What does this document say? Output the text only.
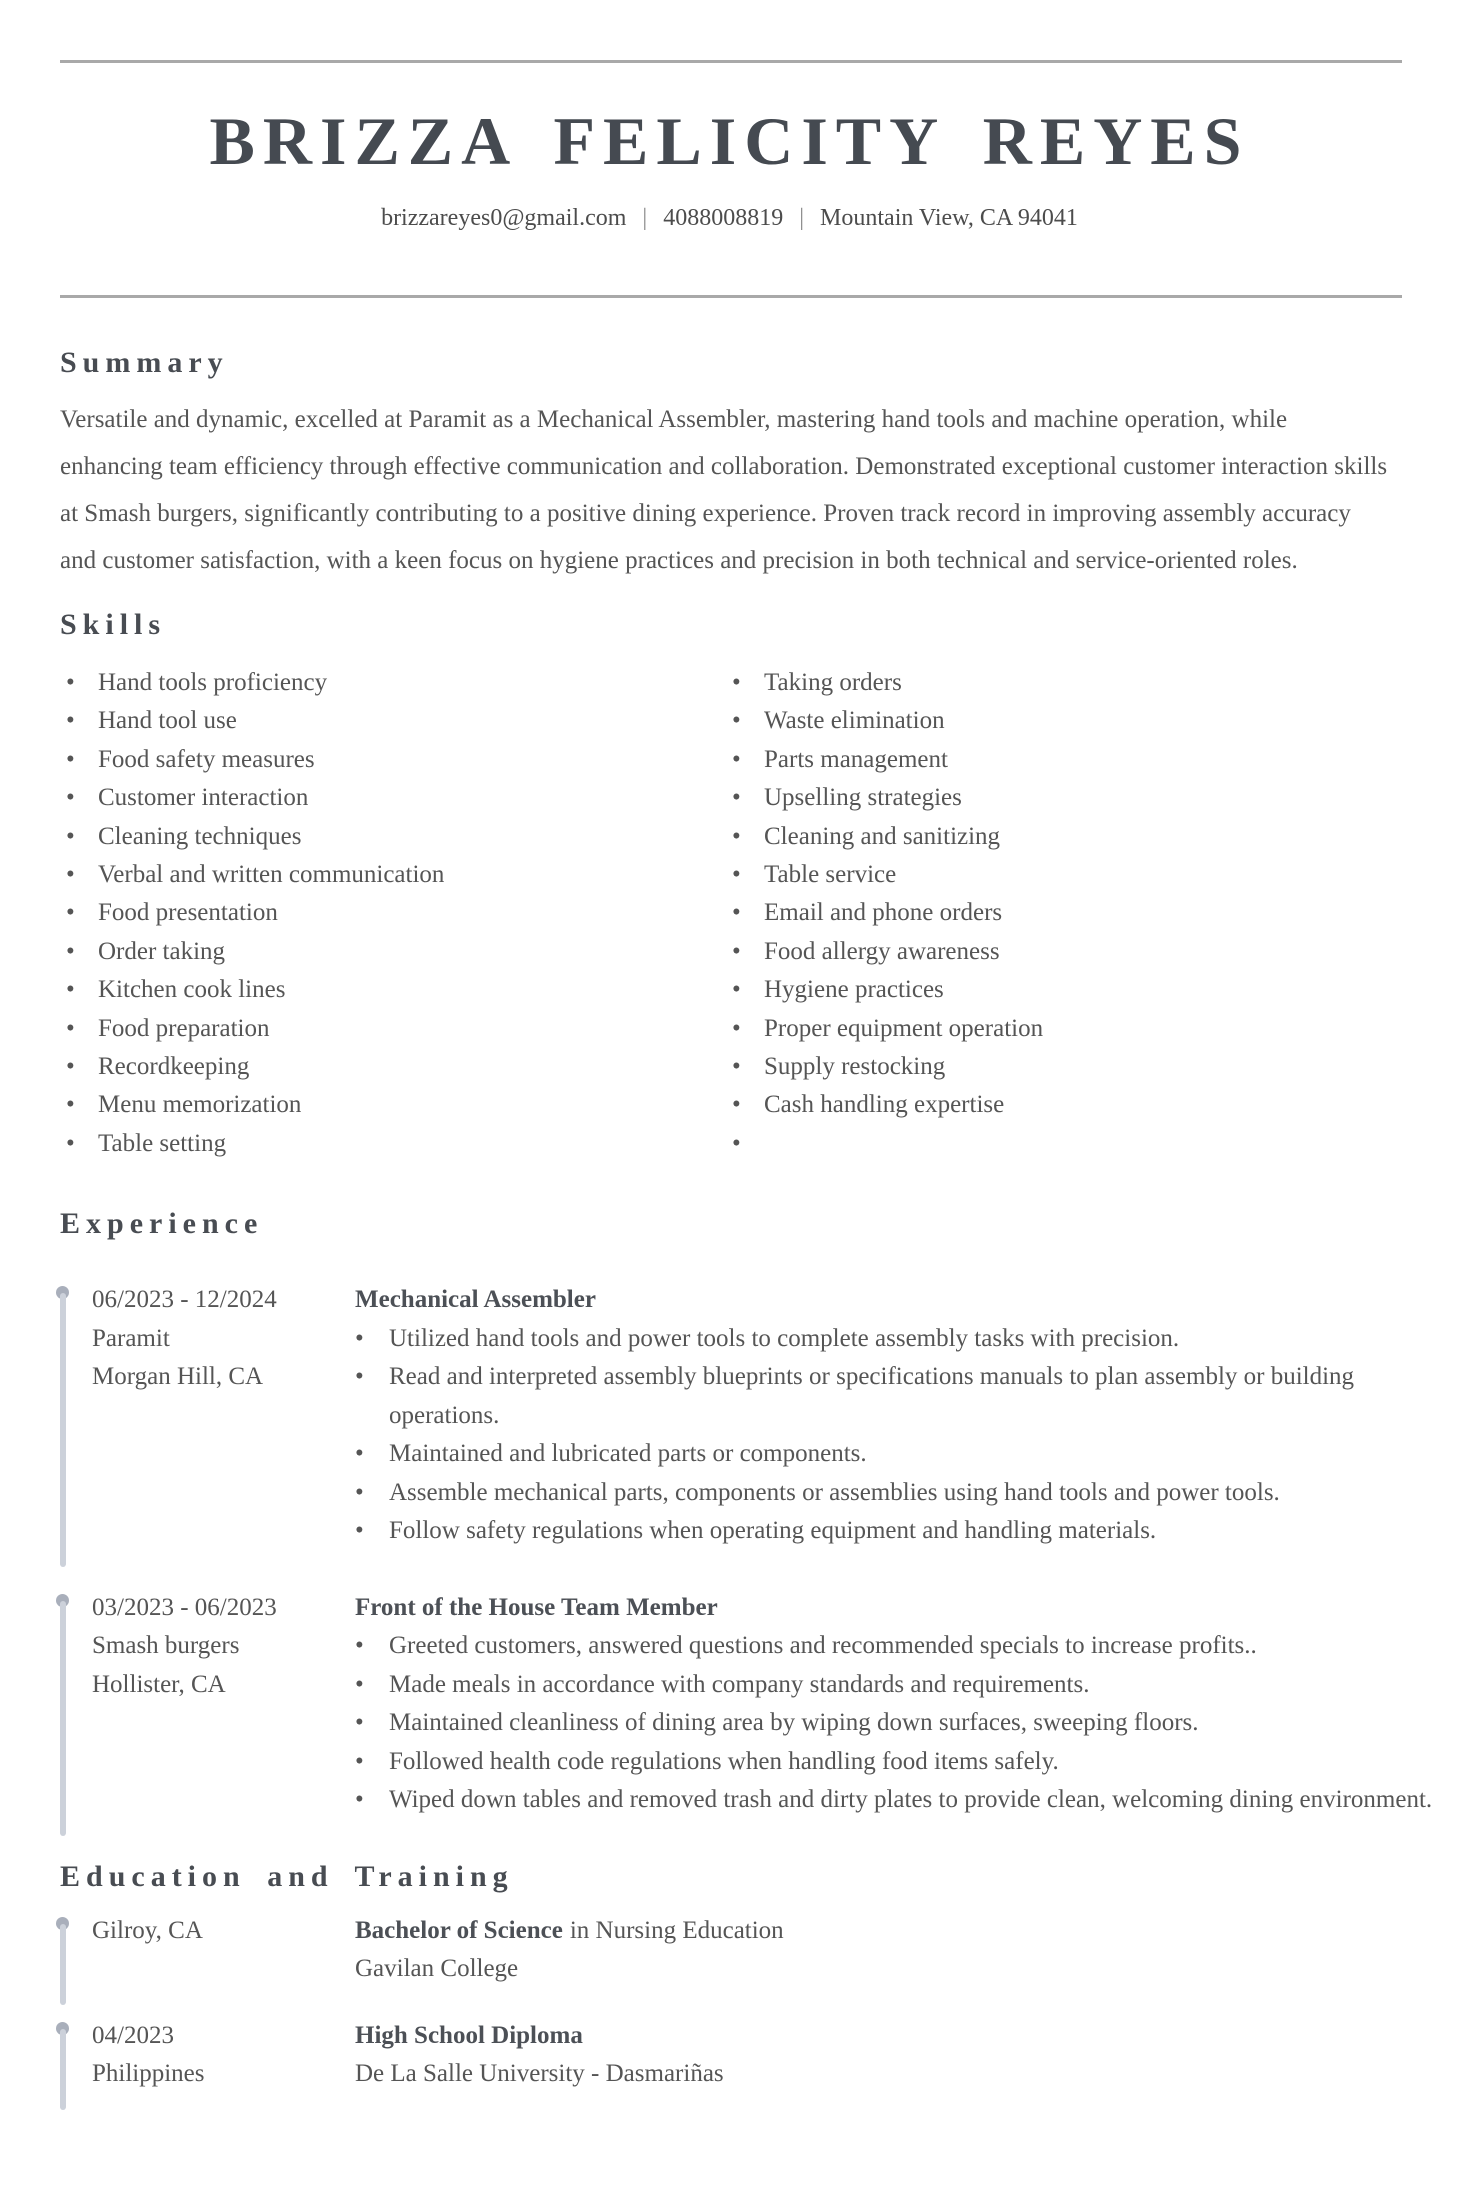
BRIZZA FELICITY REYES
brizzareyes0@gmail.com | 4088008819 | Mountain View, CA 94041
Summary

Versatile and dynamic, excelled at Paramit as a Mechanical Assembler, mastering hand tools and machine operation, while enhancing team efficiency through effective communication and collaboration. Demonstrated exceptional customer interaction skills at Smash burgers, significantly contributing to a positive dining experience. Proven track record in improving assembly accuracy and customer satisfaction, with a keen focus on hygiene practices and precision in both technical and service-oriented roles.

Skills
• Hand tools proficiency
• Hand tool use
• Food safety measures
• Customer interaction
• Cleaning techniques
• Verbal and written communication
• Food presentation
• Order taking
• Kitchen cook lines
• Food preparation
• Recordkeeping
• Menu memorization
• Table setting
• Taking orders
• Waste elimination
• Parts management
• Upselling strategies
• Cleaning and sanitizing
• Table service
• Email and phone orders
• Food allergy awareness
• Hygiene practices
• Proper equipment operation
• Supply restocking
• Cash handling expertise
Experience
06/2023 - 12/2024
Paramit
Morgan Hill, CA
Mechanical Assembler
• Utilized hand tools and power tools to complete assembly tasks with precision.
• Read and interpreted assembly blueprints or specifications manuals to plan assembly or building operations.
• Maintained and lubricated parts or components.
• Assemble mechanical parts, components or assemblies using hand tools and power tools.
• Follow safety regulations when operating equipment and handling materials.
03/2023 - 06/2023
Smash burgers
Hollister, CA
Front of the House Team Member
• Greeted customers, answered questions and recommended specials to increase profits..
• Made meals in accordance with company standards and requirements.
• Maintained cleanliness of dining area by wiping down surfaces, sweeping floors.
• Followed health code regulations when handling food items safely.
• Wiped down tables and removed trash and dirty plates to provide clean, welcoming dining environment.
Education and Training
Gilroy, CA	Bachelor of Science in Nursing Education
Gavilan College
04/2023
Philippines
High School Diploma
De La Salle University - Dasmariñas
